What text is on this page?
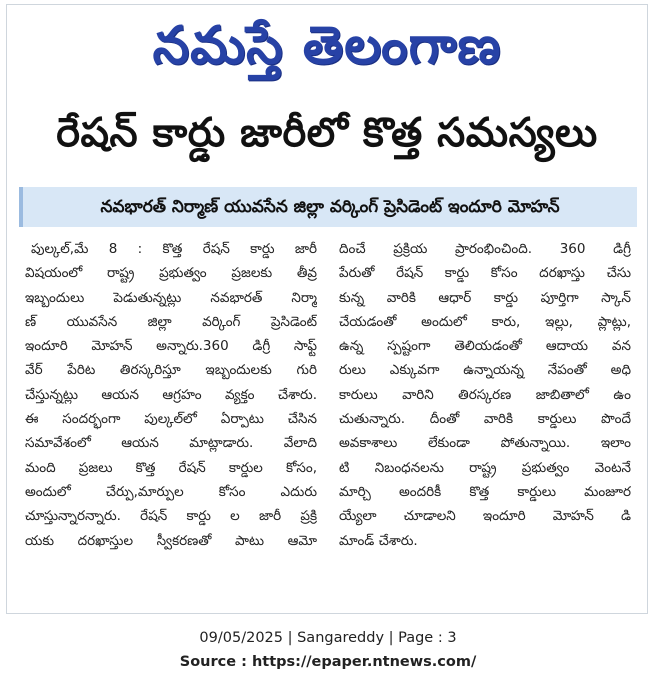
నమస్తే తెలంగాణ
రేషన్ కార్డు జారీలో కొత్త సమస్యలు
నవభారత్ నిర్మాణ్ యువసేన జిల్లా వర్కింగ్ ప్రెసిడెంట్ ఇందూరి మోహన్

పుల్కల్,మే 8 : కొత్త రేషన్ కార్డు జారీ

విషయంలో రాష్ట్ర ప్రభుత్వం ప్రజలకు తీవ్ర

ఇబ్బందులు పెడుతున్నట్లు నవభారత్ నిర్మా

ణ్ యువసేన జిల్లా వర్కింగ్ ప్రెసిడెంట్

ఇందూరి మోహన్ అన్నారు.360 డిగ్రీ సాఫ్ట్

వేర్ పేరిట తిరస్కరిస్తూ ఇబ్బందులకు గురి

చేస్తున్నట్లు ఆయన ఆగ్రహం వ్యక్తం చేశారు.

ఈ సందర్భంగా పుల్కల్‌లో ఏర్పాటు చేసిన

సమావేశంలో ఆయన మాట్లాడారు. వేలాది

మంది ప్రజలు కొత్త రేషన్ కార్డుల కోసం,

అందులో చేర్పు,మార్పుల కోసం ఎదురు

చూస్తున్నారన్నారు. రేషన్ కార్డు ల జారీ ప్రక్రి

యకు దరఖాస్తుల స్వీకరణతో పాటు ఆమో

దించే ప్రక్రియ ప్రారంభించింది. 360 డిగ్రీ

పేరుతో రేషన్ కార్డు కోసం దరఖాస్తు చేసు

కున్న వారికి ఆధార్ కార్డు పూర్తిగా స్కాన్

చేయడంతో అందులో కారు, ఇల్లు, ప్లాట్లు,

ఉన్న స్పష్టంగా తెలియడంతో ఆదాయ వన

రులు ఎక్కువగా ఉన్నాయన్న నేపంతో అధి

కారులు వారిని తిరస్కరణ జాబితాలో ఉం

చుతున్నారు. దీంతో వారికి కార్డులు పొందే

అవకాశాలు లేకుండా పోతున్నాయి. ఇలాం

టి నిబంధనలను రాష్ట్ర ప్రభుత్వం వెంటనే

మార్చి అందరికీ కొత్త కార్డులు మంజూర

య్యేలా చూడాలని ఇందూరి మోహన్ డి

మాండ్ చేశారు.

09/05/2025 | Sangareddy | Page : 3
Source : https://epaper.ntnews.com/
